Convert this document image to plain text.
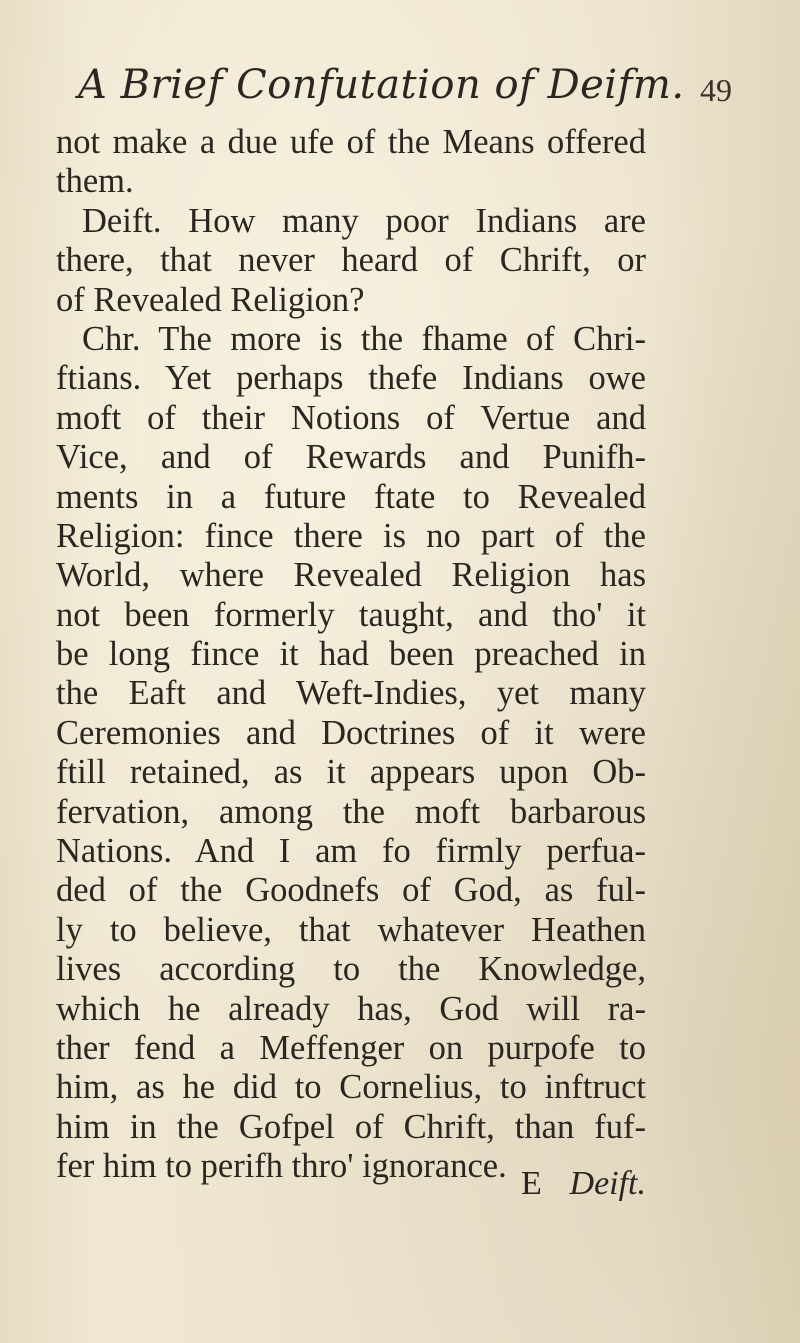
A Brief Confutation of Deifm. 49
not make a due ufe of the Means offered
them.
Deift. How many poor Indians are
there, that never heard of Chrift, or
of Revealed Religion?
Chr. The more is the fhame of Chri-
ftians. Yet perhaps thefe Indians owe
moft of their Notions of Vertue and
Vice, and of Rewards and Punifh-
ments in a future ftate to Revealed
Religion: fince there is no part of the
World, where Revealed Religion has
not been formerly taught, and tho' it
be long fince it had been preached in
the Eaft and Weft-Indies, yet many
Ceremonies and Doctrines of it were
ftill retained, as it appears upon Ob-
fervation, among the moft barbarous
Nations. And I am fo firmly perfua-
ded of the Goodnefs of God, as ful-
ly to believe, that whatever Heathen
lives according to the Knowledge,
which he already has, God will ra-
ther fend a Meffenger on purpofe to
him, as he did to Cornelius, to inftruct
him in the Gofpel of Chrift, than fuf-
fer him to perifh thro' ignorance. E Deift.
